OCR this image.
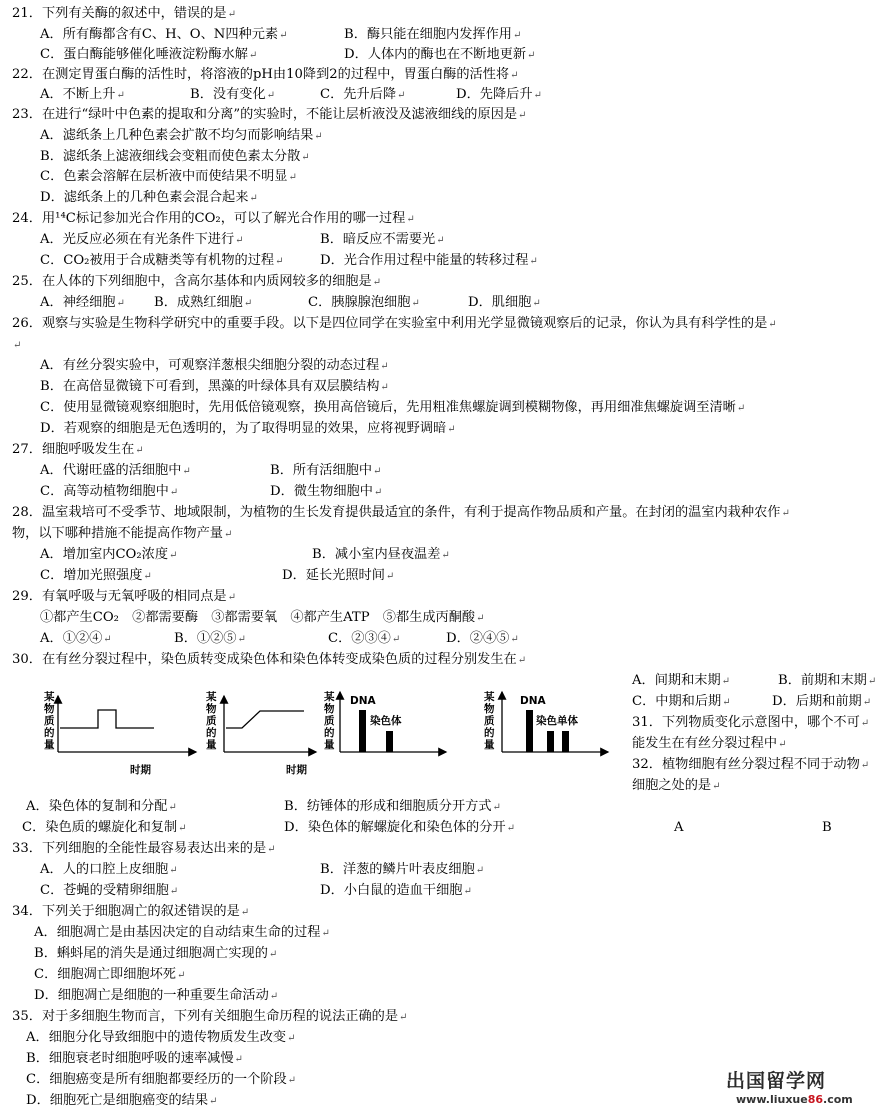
21．下列有关酶的叙述中，错误的是↵
A．所有酶都含有C、H、O、N四种元素↵	B．酶只能在细胞内发挥作用↵
C．蛋白酶能够催化唾液淀粉酶水解↵	D．人体内的酶也在不断地更新↵
22．在测定胃蛋白酶的活性时，将溶液的pH由10降到2的过程中，胃蛋白酶的活性将↵
A．不断上升↵	B．没有变化↵	C．先升后降↵	D．先降后升↵
23．在进行“绿叶中色素的提取和分离”的实验时，不能让层析液没及滤液细线的原因是↵
A．滤纸条上几种色素会扩散不均匀而影响结果↵
B．滤纸条上滤液细线会变粗而使色素太分散↵
C．色素会溶解在层析液中而使结果不明显↵
D．滤纸条上的几种色素会混合起来↵
24．用¹⁴C标记参加光合作用的CO₂，可以了解光合作用的哪一过程↵
A．光反应必须在有光条件下进行↵	B．暗反应不需要光↵
C．CO₂被用于合成糖类等有机物的过程↵	D．光合作用过程中能量的转移过程↵
25．在人体的下列细胞中，含高尔基体和内质网较多的细胞是↵
A．神经细胞↵ B．成熟红细胞↵	C．胰腺腺泡细胞↵	D．肌细胞↵
26．观察与实验是生物科学研究中的重要手段。以下是四位同学在实验室中利用光学显微镜观察后的记录，你认为具有科学性的是↵
↵
A．有丝分裂实验中，可观察洋葱根尖细胞分裂的动态过程↵
B．在高倍显微镜下可看到，黑藻的叶绿体具有双层膜结构↵
C．使用显微镜观察细胞时，先用低倍镜观察，换用高倍镜后，先用粗准焦螺旋调到模糊物像，再用细准焦螺旋调至清晰↵
D．若观察的细胞是无色透明的，为了取得明显的效果，应将视野调暗↵
27．细胞呼吸发生在↵
A．代谢旺盛的活细胞中↵	B．所有活细胞中↵
C．高等动植物细胞中↵	D．微生物细胞中↵
28．温室栽培可不受季节、地域限制，为植物的生长发育提供最适宜的条件，有利于提高作物品质和产量。在封闭的温室内栽种农作↵
物，以下哪种措施不能提高作物产量↵
A．增加室内CO₂浓度↵	B．减小室内昼夜温差↵
C．增加光照强度↵	D．延长光照时间↵
29．有氧呼吸与无氧呼吸的相同点是↵
①都产生CO₂　②都需要酶　③都需要氧　④都产生ATP　⑤都生成丙酮酸↵
A．①②④↵	B．①②⑤↵	C．②③④↵	D．②④⑤↵
30．在有丝分裂过程中，染色质转变成染色体和染色体转变成染色质的过程分别发生在↵
A．间期和末期↵	B．前期和末期↵
C．中期和后期↵	D．后期和前期↵
31．下列物质变化示意图中，哪个不可↵
能发生在有丝分裂过程中↵
32．植物细胞有丝分裂过程不同于动物↵
细胞之处的是↵
A．染色体的复制和分配↵	B．纺锤体的形成和细胞质分开方式↵
C．染色质的螺旋化和复制↵	D．染色体的解螺旋化和染色体的分开↵
33．下列细胞的全能性最容易表达出来的是↵
A．人的口腔上皮细胞↵	B．洋葱的鳞片叶表皮细胞↵
C．苍蝇的受精卵细胞↵	D．小白鼠的造血干细胞↵
34．下列关于细胞凋亡的叙述错误的是↵
A．细胞凋亡是由基因决定的自动结束生命的过程↵
B．蝌蚪尾的消失是通过细胞凋亡实现的↵
C．细胞凋亡即细胞坏死↵
D．细胞凋亡是细胞的一种重要生命活动↵
35．对于多细胞生物而言，下列有关细胞生命历程的说法正确的是↵
A．细胞分化导致细胞中的遗传物质发生改变↵
B．细胞衰老时细胞呼吸的速率减慢↵
C．细胞癌变是所有细胞都要经历的一个阶段↵
D．细胞死亡是细胞癌变的结果↵
某
物
质
的
量
时期
某
物
质
的
量
时期
某
物
质
的
量
DNA
染色体
某
物
质
的
量
DNA
染色单体
A	B
出国留学网
www.liuxue86.com
